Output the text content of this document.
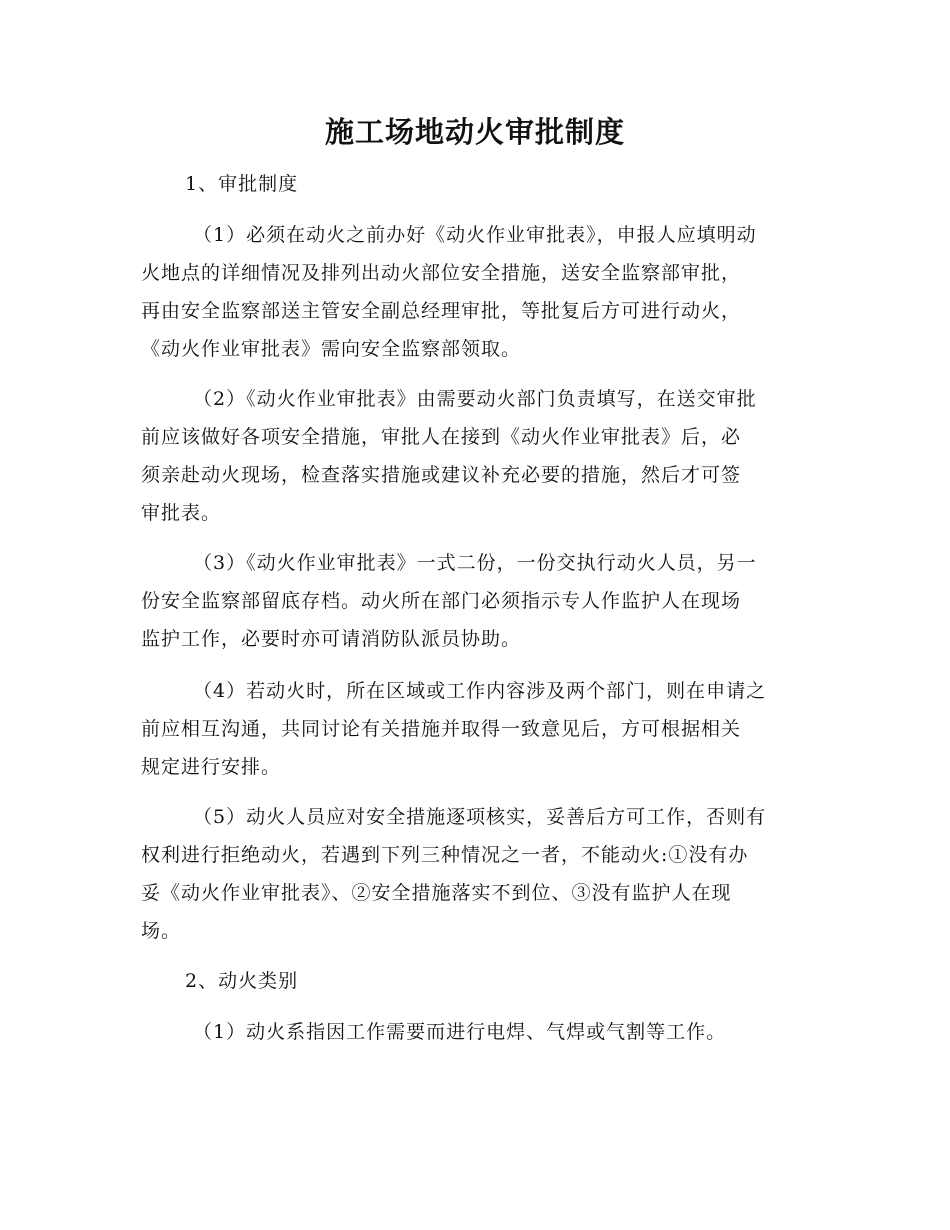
施工场地动火审批制度
1、审批制度
（1）必须在动火之前办好《动火作业审批表》，申报人应填明动
火地点的详细情况及排列出动火部位安全措施，送安全监察部审批，
再由安全监察部送主管安全副总经理审批，等批复后方可进行动火，
《动火作业审批表》需向安全监察部领取。
（2）《动火作业审批表》由需要动火部门负责填写，在送交审批
前应该做好各项安全措施，审批人在接到《动火作业审批表》后，必
须亲赴动火现场，检查落实措施或建议补充必要的措施，然后才可签
审批表。
（3）《动火作业审批表》一式二份，一份交执行动火人员，另一
份安全监察部留底存档。动火所在部门必须指示专人作监护人在现场
监护工作，必要时亦可请消防队派员协助。
（4）若动火时，所在区域或工作内容涉及两个部门，则在申请之
前应相互沟通，共同讨论有关措施并取得一致意见后，方可根据相关
规定进行安排。
（5）动火人员应对安全措施逐项核实，妥善后方可工作，否则有
权利进行拒绝动火，若遇到下列三种情况之一者，不能动火:①没有办
妥《动火作业审批表》、②安全措施落实不到位、③没有监护人在现
场。
2、动火类别
（1）动火系指因工作需要而进行电焊、气焊或气割等工作。
